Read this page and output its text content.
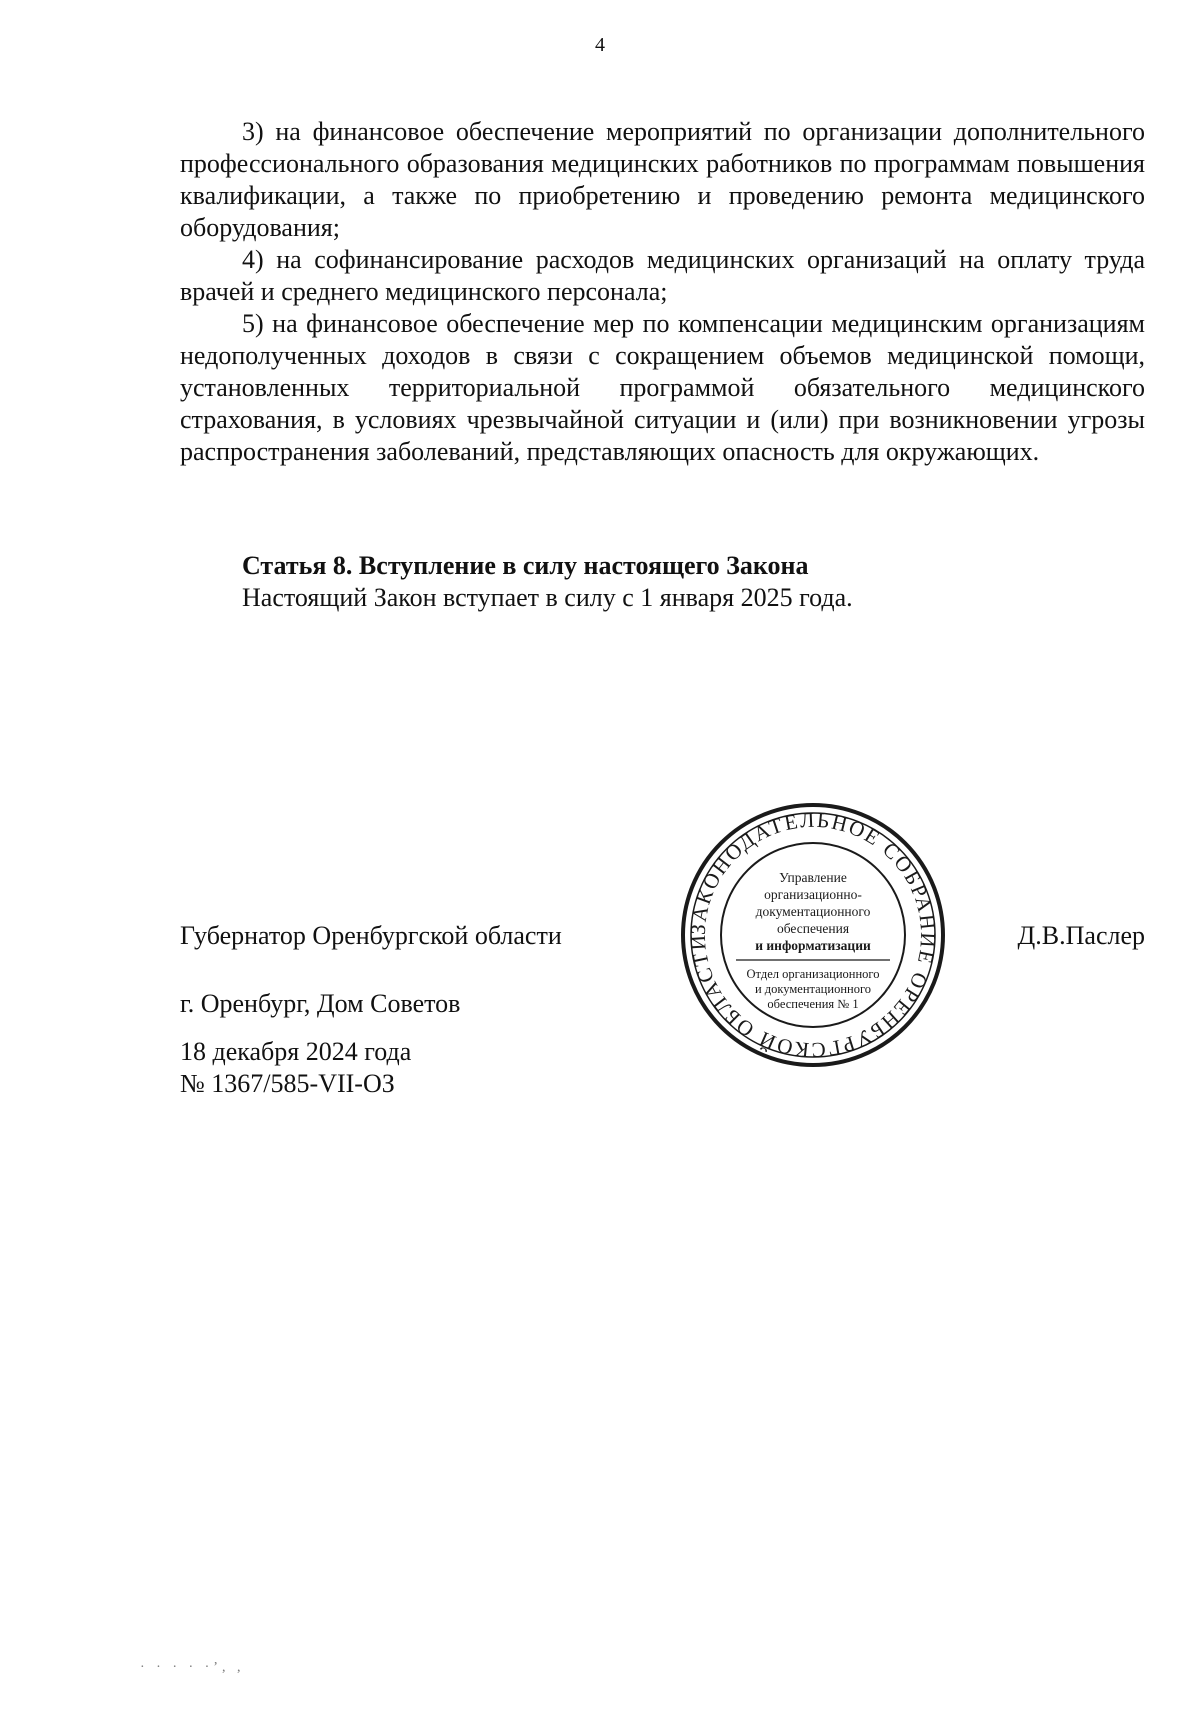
4

3) на финансовое обеспечение мероприятий по организации дополнительного профессионального образования медицинских работников по программам повышения квалификации, а также по приобретению и проведению ремонта медицинского оборудования;

4) на софинансирование расходов медицинских организаций на оплату труда врачей и среднего медицинского персонала;

5) на финансовое обеспечение мер по компенсации медицинским организациям недополученных доходов в связи с сокращением объемов медицинской помощи, установленных территориальной программой обязательного медицинского страхования, в условиях чрезвычайной ситуации и (или) при возникновении угрозы распространения заболеваний, представляющих опасность для окружающих.

Статья 8. Вступление в силу настоящего Закона

Настоящий Закон вступает в силу с 1 января 2025 года.

Губернатор Оренбургской области	Д.В.Паслер
г. Оренбург, Дом Советов
18 декабря 2024 года
№ 1367/585-VII-ОЗ
ЗАКОНОДАТЕЛЬНОЕ СОБРАНИЕ ОРЕНБУРГСКОЙ ОБЛАСТИ
Управление
организационно-
документационного
обеспечения
и информатизации
Отдел организационного
и документационного
обеспечения № 1
· · · · ·’, ,
